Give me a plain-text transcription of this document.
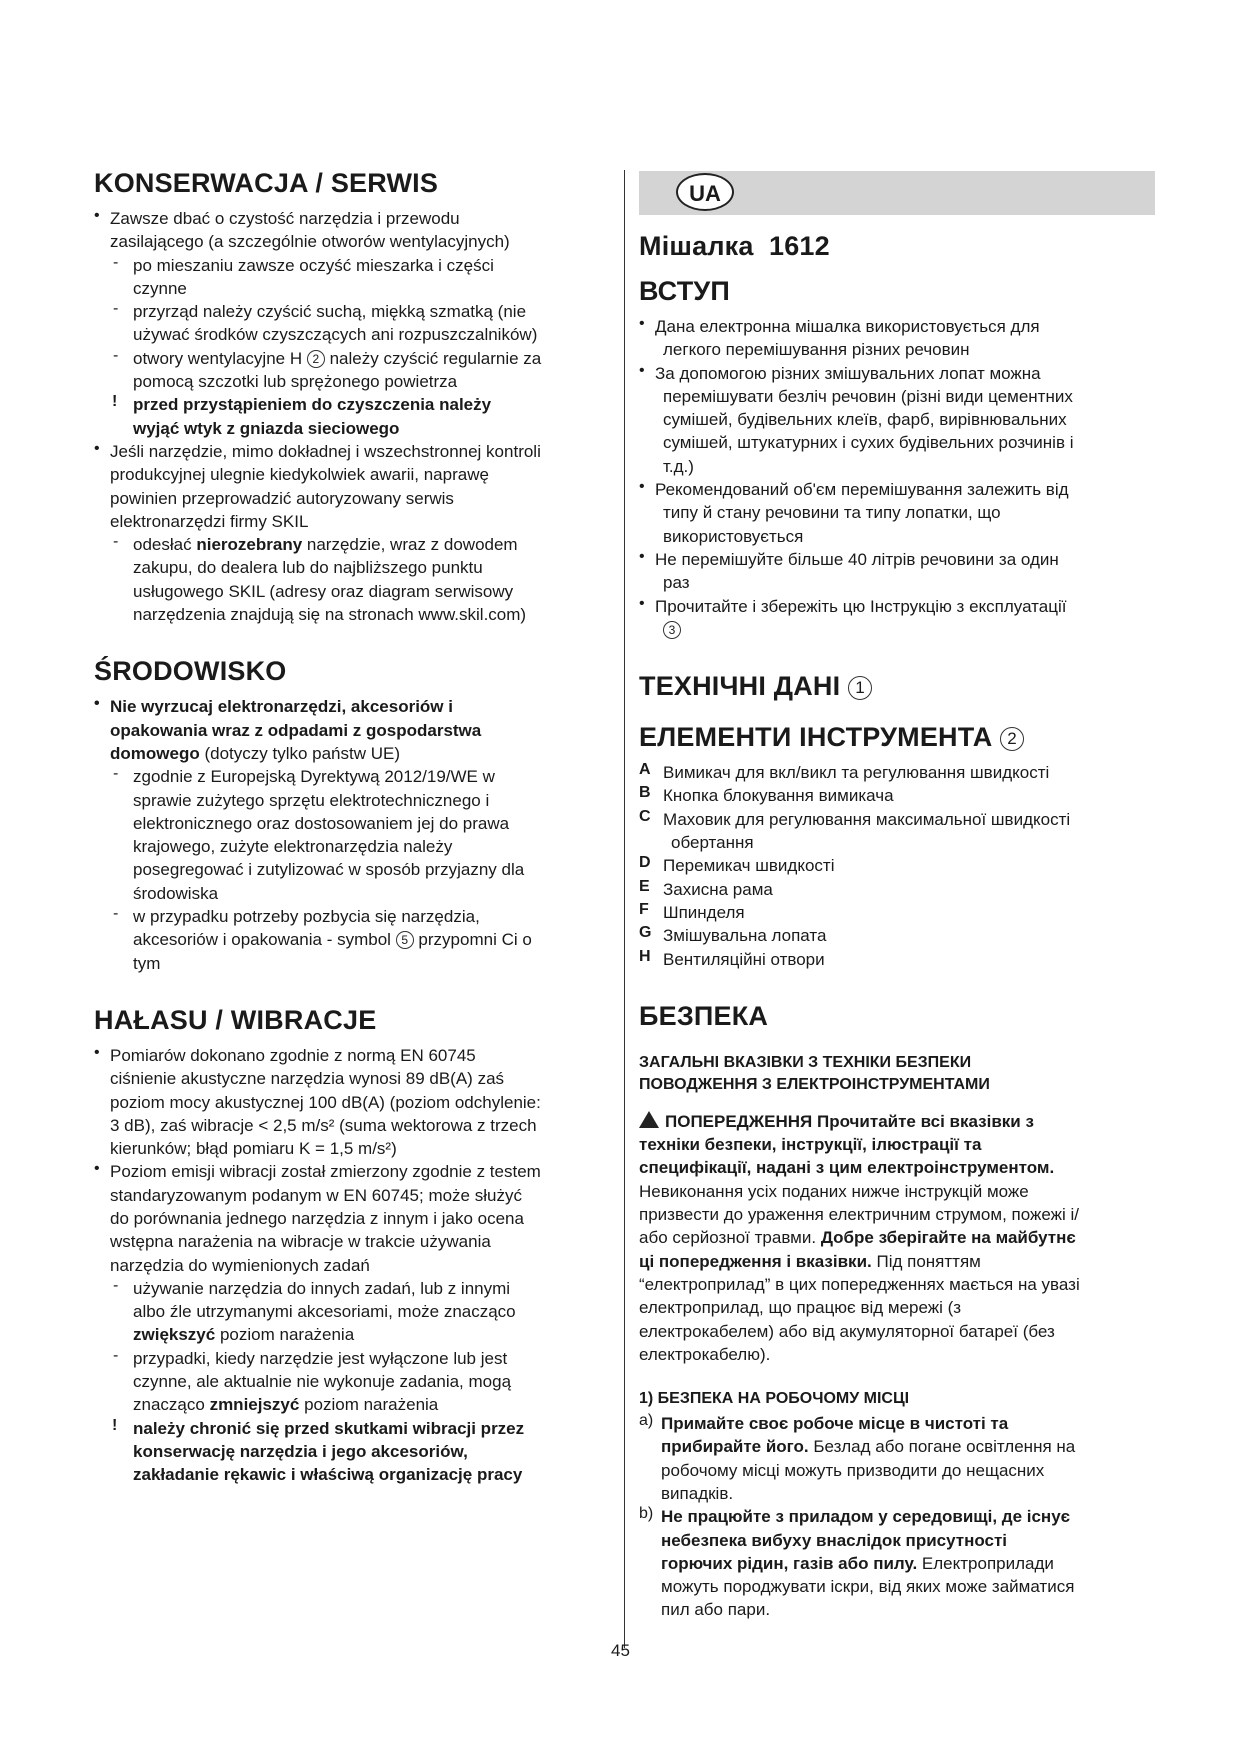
KONSERWACJA / SERWIS

• Zawsze dbać o czystość narzędzia i przewodu

zasilającego (a szczególnie otworów wentylacyjnych)

- po mieszaniu zawsze oczyść mieszarka i części

czynne

- przyrząd należy czyścić suchą, miękką szmatką (nie

używać środków czyszczących ani rozpuszczalników)

- otwory wentylacyjne H 2 należy czyścić regularnie za

pomocą szczotki lub sprężonego powietrza

! przed przystąpieniem do czyszczenia należy

wyjąć wtyk z gniazda sieciowego

• Jeśli narzędzie, mimo dokładnej i wszechstronnej kontroli

produkcyjnej ulegnie kiedykolwiek awarii, naprawę

powinien przeprowadzić autoryzowany serwis

elektronarzędzi firmy SKIL

- odesłać nierozebrany narzędzie, wraz z dowodem

zakupu, do dealera lub do najbliższego punktu

usługowego SKIL (adresy oraz diagram serwisowy

narzędzenia znajdują się na stronach www.skil.com)

ŚRODOWISKO

• Nie wyrzucaj elektronarzędzi, akcesoriów i

opakowania wraz z odpadami z gospodarstwa

domowego (dotyczy tylko państw UE)

- zgodnie z Europejską Dyrektywą 2012/19/WE w

sprawie zużytego sprzętu elektrotechnicznego i

elektronicznego oraz dostosowaniem jej do prawa

krajowego, zużyte elektronarzędzia należy

posegregować i zutylizować w sposób przyjazny dla

środowiska

- w przypadku potrzeby pozbycia się narzędzia,

akcesoriów i opakowania - symbol 5 przypomni Ci o

tym

HAŁASU / WIBRACJE

• Pomiarów dokonano zgodnie z normą EN 60745

ciśnienie akustyczne narzędzia wynosi 89 dB(A) zaś

poziom mocy akustycznej 100 dB(A) (poziom odchylenie:

3 dB), zaś wibracje < 2,5 m/s² (suma wektorowa z trzech

kierunków; błąd pomiaru K = 1,5 m/s²)

• Poziom emisji wibracji został zmierzony zgodnie z testem

standaryzowanym podanym w EN 60745; może służyć

do porównania jednego narzędzia z innym i jako ocena

wstępna narażenia na wibracje w trakcie używania

narzędzia do wymienionych zadań

- używanie narzędzia do innych zadań, lub z innymi

albo źle utrzymanymi akcesoriami, może znacząco

zwiększyć poziom narażenia

- przypadki, kiedy narzędzie jest wyłączone lub jest

czynne, ale aktualnie nie wykonuje zadania, mogą

znacząco zmniejszyć poziom narażenia

! należy chronić się przed skutkami wibracji przez

konserwację narzędzia i jego akcesoriów,

zakładanie rękawic i właściwą organizację pracy

UA
Мішалка  1612
ВСТУП

• Дана електронна мішалка використовується для

легкого перемішування різних речовин

• За допомогою різних змішувальних лопат можна

перемішувати безліч речовин (різні види цементних

сумішей, будівельних клеїв, фарб, вирівнювальних

сумішей, штукатурних і сухих будівельних розчинів і

т.д.)

• Рекомендований об'єм перемішування залежить від

типу й стану речовини та типу лопатки, що

використовується

• Не перемішуйте більше 40 літрів речовини за один

раз

• Прочитайте і збережіть цю Інструкцію з експлуатації

3

ТЕХНІЧНІ ДАНІ 1
ЕЛЕМЕНТИ ІНСТРУМЕНТА 2
A Вимикач для вкл/викл та регулювання швидкості

B Кнопка блокування вимикача

C Маховик для регулювання максимальної швидкості

обертання

D Перемикач швидкості

E Захисна рама

F Шпинделя

G Змішувальна лопата

H Вентиляційні отвори

БЕЗПЕКА
ЗАГАЛЬНІ ВКАЗІВКИ З ТЕХНІКИ БЕЗПЕКИ
ПОВОДЖЕННЯ З ЕЛЕКТРОІНСТРУМЕНТАМИ

ПОПЕРЕДЖЕННЯ Прочитайте всі вказівки з

техніки безпеки, інструкції, ілюстрації та

специфікації, надані з цим електроінструментом.

Невиконання усіх поданих нижче інструкцій може

призвести до ураження електричним струмом, пожежі і/

або серйозної травми. Добре зберігайте на майбутнє

ці попередження і вказівки. Під поняттям

“електроприлад” в цих попередженнях мається на увазі

електроприлад, що працює від мережі (з

електрокабелем) або від акумуляторної батареї (без

електрокабелю).

1) БЕЗПЕКА НА РОБОЧОМУ МІСЦІ
a) Примайте своє робоче місце в чистоті та

прибирайте його. Безлад або погане освітлення на

робочому місці можуть призводити до нещасних

випадків.

b) Не працюйте з приладом у середовищі, де існує

небезпека вибуху внаслідок присутності

горючих рідин, газів або пилу. Електроприлади

можуть породжувати іскри, від яких може займатися

пил або пари.

45
